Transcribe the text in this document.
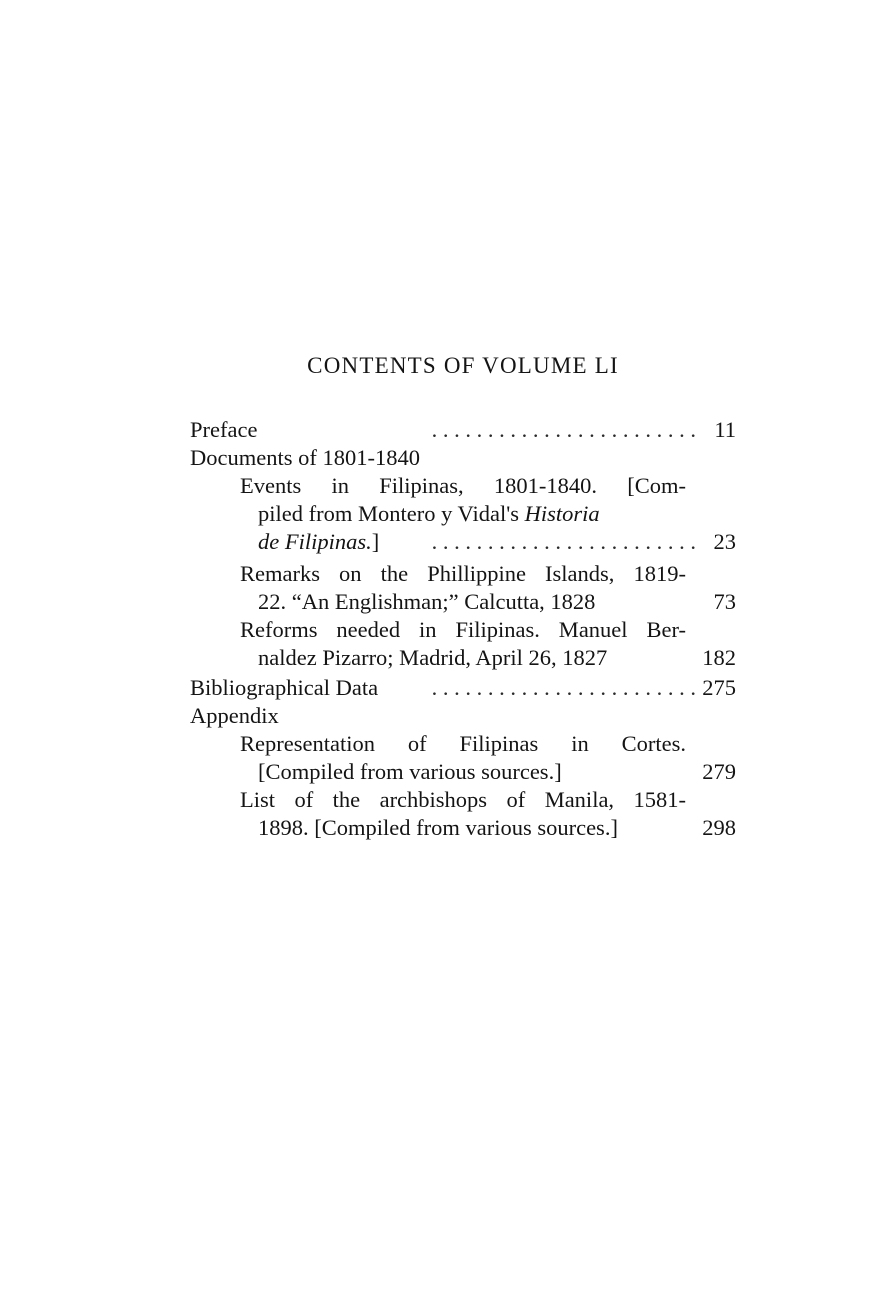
CONTENTS OF VOLUME LI
Preface	. . . . . . . . . . . . . . . . . . . . . . . . 11
Documents of 1801-1840
Events in Filipinas, 1801-1840. [Com-
piled from Montero y Vidal's Historia
de Filipinas.]	. . . . . . . . . . . . . . . . . . . . . . . . 23
Remarks on the Phillippine Islands, 1819-
22. “An Englishman;” Calcutta, 1828	73
Reforms needed in Filipinas. Manuel Ber-
naldez Pizarro; Madrid, April 26, 1827	182
Bibliographical Data	. . . . . . . . . . . . . . . . . . . . . . . . 275
Appendix
Representation of Filipinas in Cortes.
[Compiled from various sources.]	279
List of the archbishops of Manila, 1581-
1898. [Compiled from various sources.]	298
